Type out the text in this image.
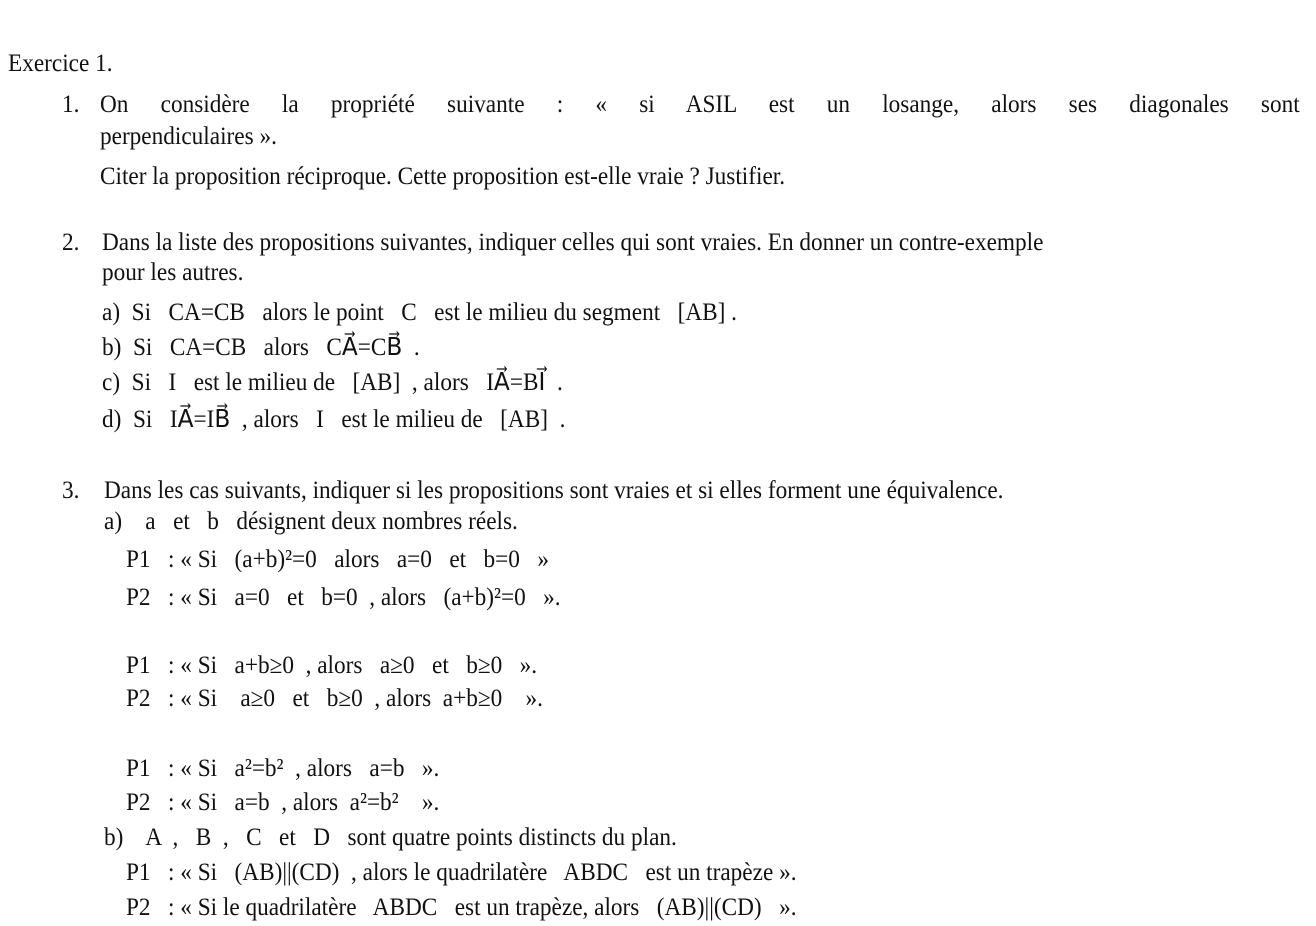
Exercice 1.
1. On considère la propriété suivante : « si ASIL est un losange, alors ses diagonales sont
perpendiculaires ».
Citer la proposition réciproque. Cette proposition est-elle vraie ? Justifier.
2. Dans la liste des propositions suivantes, indiquer celles qui sont vraies. En donner un contre-exemple
pour les autres.
a)  Si   CA=CB   alors le point   C   est le milieu du segment   [AB] .
b)  Si   CA=CB   alors   CA⃗=CB⃗  .
c)  Si   I   est le milieu de   [AB]  , alors   IA⃗=BI⃗  .
d)  Si   IA⃗=IB⃗  , alors   I   est le milieu de   [AB]  .
3. Dans les cas suivants, indiquer si les propositions sont vraies et si elles forment une équivalence.
a)    a   et   b   désignent deux nombres réels.
P1   : « Si   (a+b)²=0   alors   a=0   et   b=0   »
P2   : « Si   a=0   et   b=0  , alors   (a+b)²=0   ».
P1   : « Si   a+b≥0  , alors   a≥0   et   b≥0   ».
P2   : « Si    a≥0   et   b≥0  , alors  a+b≥0    ».
P1   : « Si   a²=b²  , alors   a=b   ».
P2   : « Si   a=b  , alors  a²=b²    ».
b)    A  ,   B  ,   C   et   D   sont quatre points distincts du plan.
P1   : « Si   (AB)||(CD)  , alors le quadrilatère   ABDC   est un trapèze ».
P2   : « Si le quadrilatère   ABDC   est un trapèze, alors   (AB)||(CD)   ».
